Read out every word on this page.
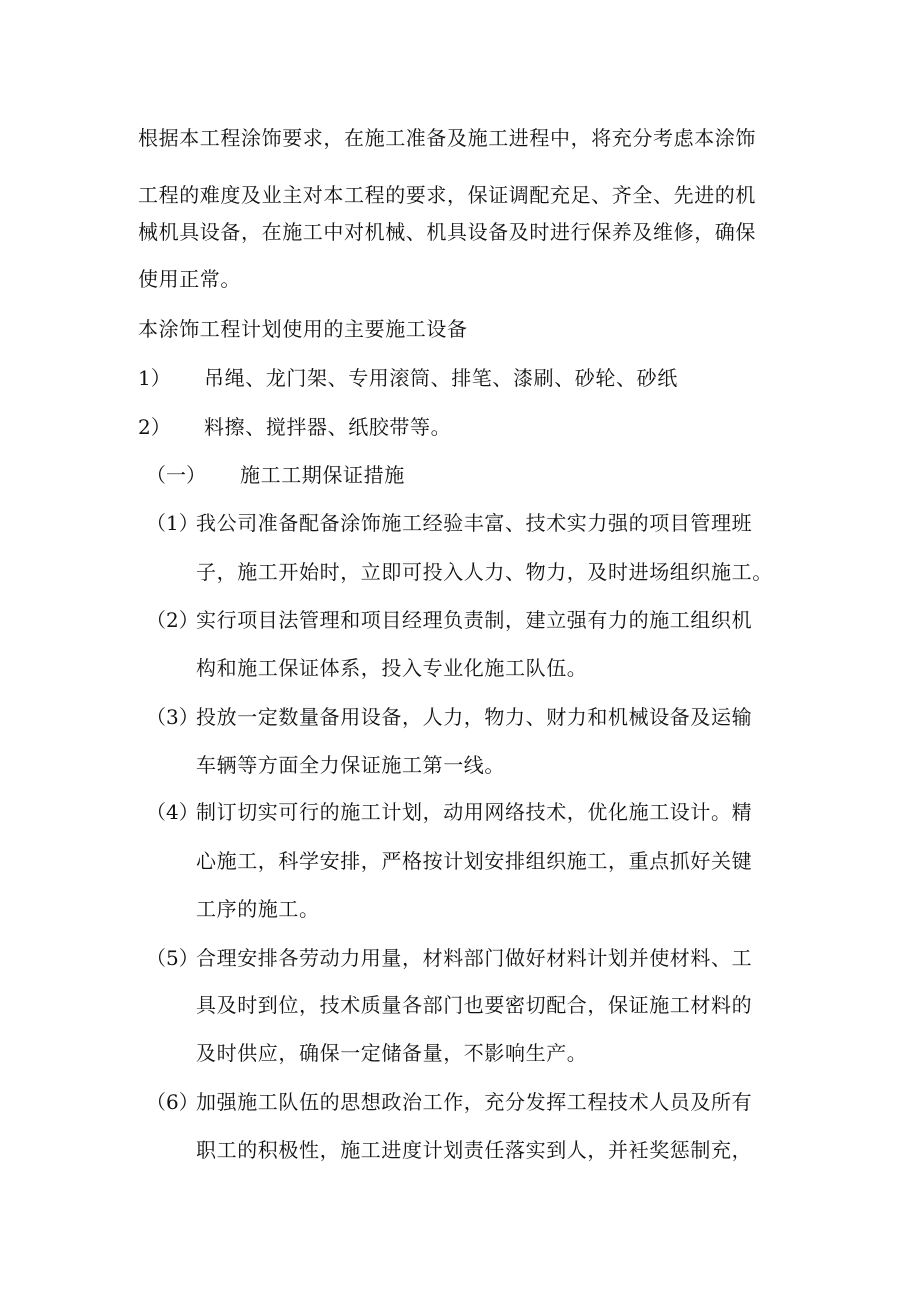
根据本工程涂饰要求，在施工准备及施工进程中，将充分考虑本涂饰
工程的难度及业主对本工程的要求，保证调配充足、齐全、先进的机
械机具设备，在施工中对机械、机具设备及时进行保养及维修，确保
使用正常。
本涂饰工程计划使用的主要施工设备
1） 吊绳、龙门架、专用滚筒、排笔、漆刷、砂轮、砂纸
2） 料擦、搅拌器、纸胶带等。
（一） 施工工期保证措施
（1）
我公司准备配备涂饰施工经验丰富、技术实力强的项目管理班
子，施工开始时，立即可投入人力、物力，及时进场组织施工。
（2）
实行项目法管理和项目经理负责制，建立强有力的施工组织机
构和施工保证体系，投入专业化施工队伍。
（3）
投放一定数量备用设备，人力，物力、财力和机械设备及运输
车辆等方面全力保证施工第一线。
（4）
制订切实可行的施工计划，动用网络技术，优化施工设计。精
心施工，科学安排，严格按计划安排组织施工，重点抓好关键
工序的施工。
（5）
合理安排各劳动力用量，材料部门做好材料计划并使材料、工
具及时到位，技术质量各部门也要密切配合，保证施工材料的
及时供应，确保一定储备量，不影响生产。
（6）
加强施工队伍的思想政治工作，充分发挥工程技术人员及所有
职工的积极性，施工进度计划责任落实到人，并衽奖惩制充，
